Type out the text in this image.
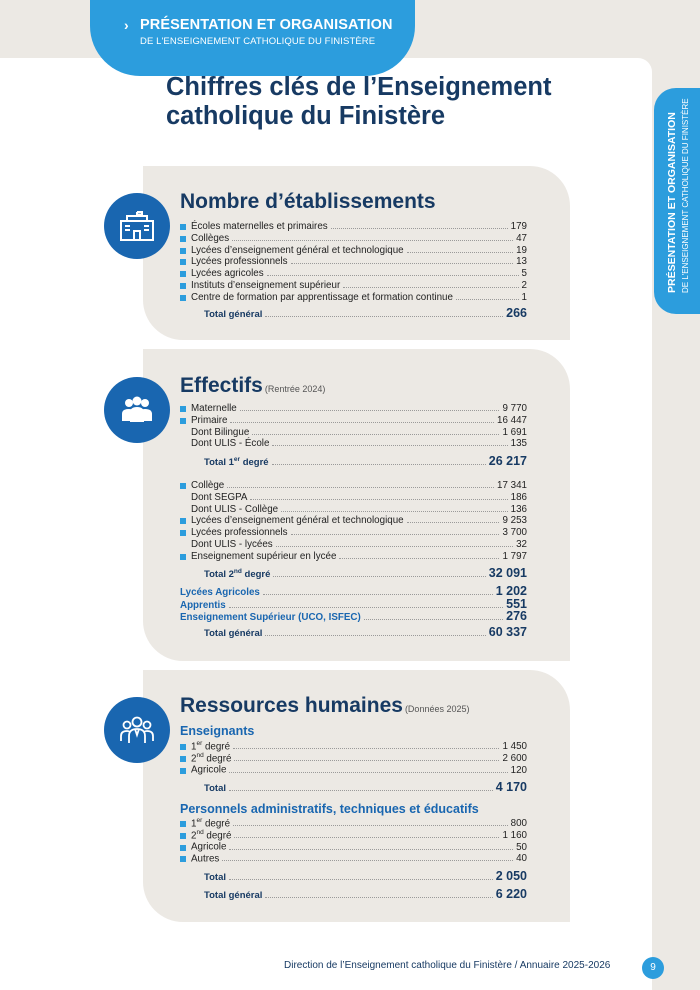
› PRÉSENTATION ET ORGANISATION
DE L'ENSEIGNEMENT CATHOLIQUE DU FINISTÈRE
Chiffres clés de l’Enseignement
catholique du Finistère	PRÉSENTATION ET ORGANISATION DE L'ENSEIGNEMENT CATHOLIQUE DU FINISTÈRE
Nombre d’établissements
Écoles maternelles et primaires	179
Collèges	47
Lycées d’enseignement général et technologique	19
Lycées professionnels	13
Lycées agricoles	5
Instituts d’enseignement supérieur	2
Centre de formation par apprentissage et formation continue	1
Total général	266
Effectifs (Rentrée 2024)
Maternelle	9 770
Primaire	16 447
Dont Bilingue	1 691
Dont ULIS - École	135
Total 1er degré	26 217
Collège	17 341
Dont SEGPA	186
Dont ULIS - Collège	136
Lycées d’enseignement général et technologique	9 253
Lycées professionnels	3 700
Dont ULIS - lycées	32
Enseignement supérieur en lycée	1 797
Total 2nd degré	32 091
Lycées Agricoles	1 202
Apprentis	551
Enseignement Supérieur (UCO, ISFEC)	276
Total général	60 337
Ressources humaines (Données 2025)
Enseignants
1er degré	1 450
2nd degré	2 600
Agricole	120
Total	4 170
Personnels administratifs, techniques et éducatifs
1er degré	800
2nd degré	1 160
Agricole	50
Autres	40
Total	2 050
Total général	6 220
Direction de l’Enseignement catholique du Finistère / Annuaire 2025-2026	9
